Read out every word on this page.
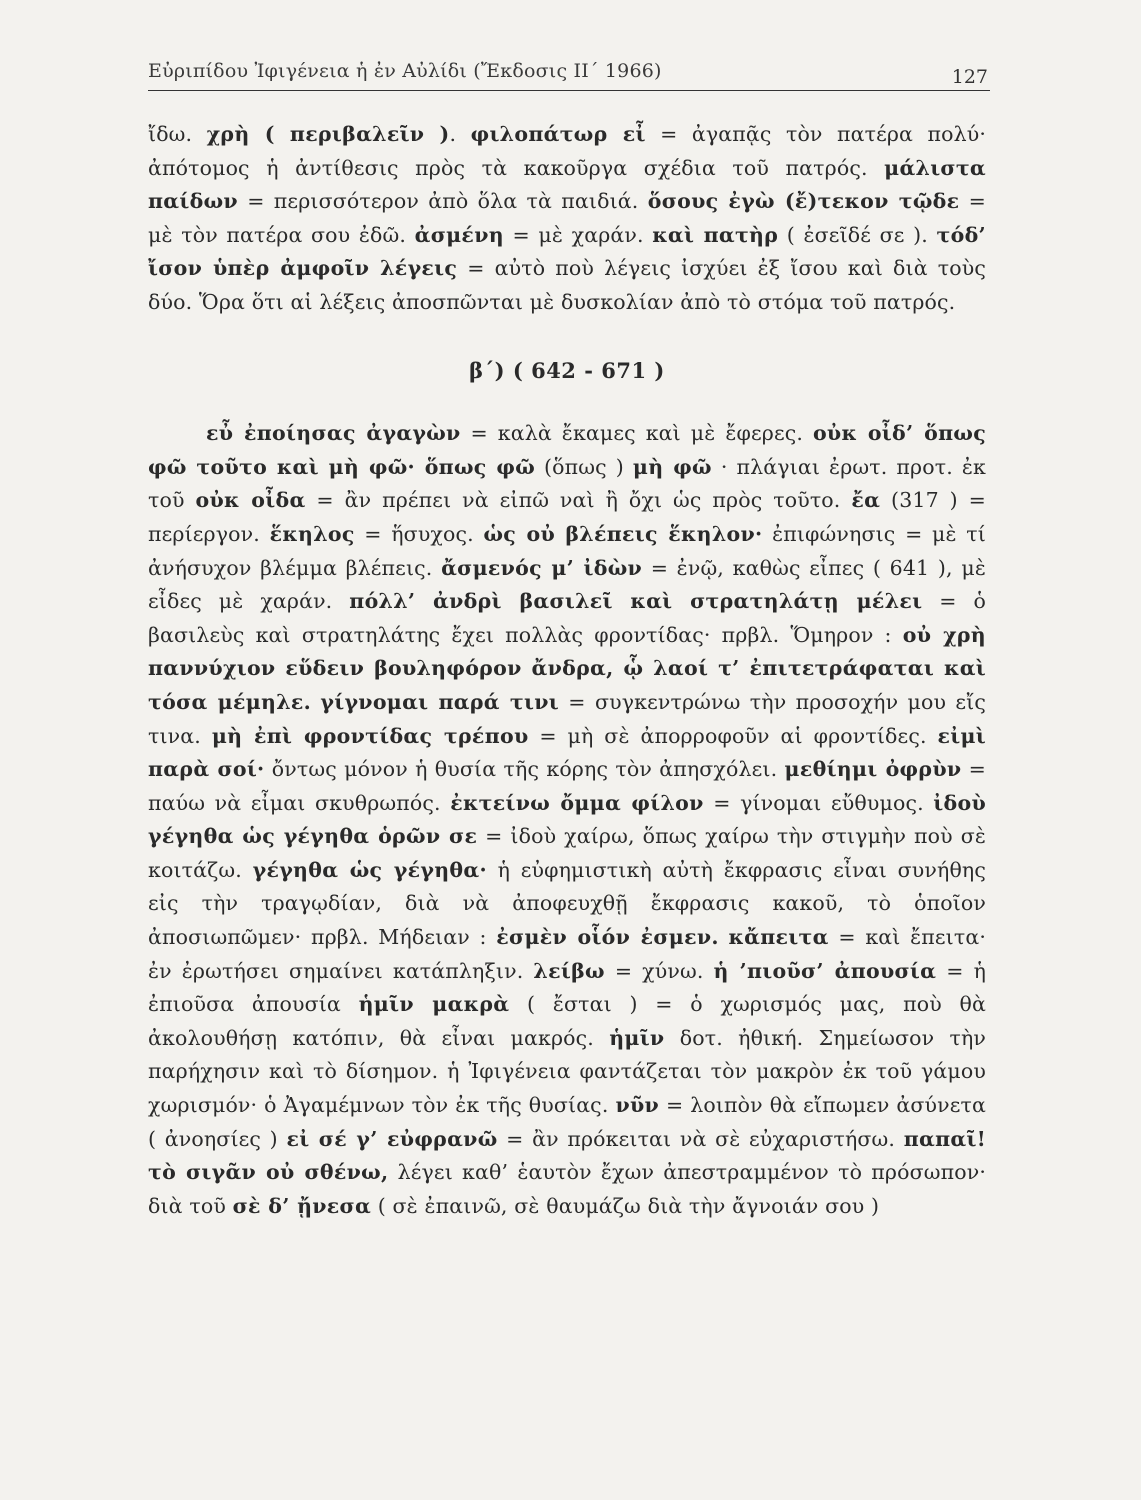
Εὐριπίδου Ἰφιγένεια ἡ ἐν Αὐλίδι (Ἔκδοσις ΙΙ΄ 1966)	127

ἴδω. χρὴ ( περιβαλεῖν ). φιλοπάτωρ εἶ = ἀγαπᾷς τὸν πατέρα πολύ· ἀπότομος ἡ ἀντίθεσις πρὸς τὰ κακοῦργα σχέδια τοῦ πατρός. μάλιστα παίδων = περισσότερον ἀπὸ ὅλα τὰ παιδιά. ὅσους ἐγὼ (ἔ)τεκον τῷδε = μὲ τὸν πατέρα σου ἐδῶ. ἀσμένη = μὲ χαράν. καὶ πατὴρ ( ἐσεῖδέ σε ). τόδ’ ἴσον ὑπὲρ ἀμφοῖν λέγεις = αὐτὸ ποὺ λέγεις ἰσχύει ἐξ ἴσου καὶ διὰ τοὺς δύο. Ὅρα ὅτι αἱ λέξεις ἀποσπῶνται μὲ δυσκολίαν ἀπὸ τὸ στόμα τοῦ πατρός.

β΄) ( 642 - 671 )

εὖ ἐποίησας ἀγαγὼν = καλὰ ἔκαμες καὶ μὲ ἔφερες. οὐκ οἶδ’ ὅπως φῶ τοῦτο καὶ μὴ φῶ· ὅπως φῶ (ὅπως ) μὴ φῶ · πλάγιαι ἐρωτ. προτ. ἐκ τοῦ οὐκ οἶδα = ἂν πρέπει νὰ εἰπῶ ναὶ ἢ ὄχι ὡς πρὸς τοῦτο. ἔα (317 ) = περίεργον. ἕκηλος = ἥσυχος. ὡς οὐ βλέπεις ἕκηλον· ἐπιφώνησις = μὲ τί ἀνήσυχον βλέμμα βλέπεις. ἄσμενός μ’ ἰδὼν = ἐνῷ, καθὼς εἶπες ( 641 ), μὲ εἶδες μὲ χαράν. πόλλ’ ἀνδρὶ βασιλεῖ καὶ στρατηλάτῃ μέλει = ὁ βασιλεὺς καὶ στρατηλάτης ἔχει πολλὰς φροντίδας· πρβλ. Ὅμηρον : οὐ χρὴ παννύχιον εὕδειν βουληφόρον ἄνδρα, ᾧ λαοί τ’ ἐπιτετράφαται καὶ τόσα μέμηλε. γίγνομαι παρά τινι = συγκεντρώνω τὴν προσοχήν μου εἴς τινα. μὴ ἐπὶ φροντίδας τρέπου = μὴ σὲ ἀπορροφοῦν αἱ φροντίδες. εἰμὶ παρὰ σοί· ὄντως μόνον ἡ θυσία τῆς κόρης τὸν ἀπησχόλει. μεθίημι ὀφρὺν = παύω νὰ εἶμαι σκυθρωπός. ἐκτείνω ὄμμα φίλον = γίνομαι εὔθυμος. ἰδοὺ γέγηθα ὡς γέγηθα ὁρῶν σε = ἰδοὺ χαίρω, ὅπως χαίρω τὴν στιγμὴν ποὺ σὲ κοιτάζω. γέγηθα ὡς γέγηθα· ἡ εὐφημιστικὴ αὐτὴ ἔκφρασις εἶναι συνήθης εἰς τὴν τραγῳδίαν, διὰ νὰ ἀποφευχθῇ ἔκφρασις κακοῦ, τὸ ὁποῖον ἀποσιωπῶμεν· πρβλ. Μήδειαν : ἐσμὲν οἷόν ἐσμεν. κἄπειτα = καὶ ἔπειτα· ἐν ἐρωτήσει σημαίνει κατάπληξιν. λείβω = χύνω. ἡ ’πιοῦσ’ ἀπουσία = ἡ ἐπιοῦσα ἀπουσία ἡμῖν μακρὰ ( ἔσται ) = ὁ χωρισμός μας, ποὺ θὰ ἀκολουθήσῃ κατόπιν, θὰ εἶναι μακρός. ἡμῖν δοτ. ἠθική. Σημείωσον τὴν παρήχησιν καὶ τὸ δίσημον. ἡ Ἰφιγένεια φαντάζεται τὸν μακρὸν ἐκ τοῦ γάμου χωρισμόν· ὁ Ἀγαμέμνων τὸν ἐκ τῆς θυσίας. νῦν = λοιπὸν θὰ εἴπωμεν ἀσύνετα ( ἀνοησίες ) εἰ σέ γ’ εὐφρανῶ = ἂν πρόκειται νὰ σὲ εὐχαριστήσω. παπαῖ! τὸ σιγᾶν οὐ σθένω, λέγει καθ’ ἑαυτὸν ἔχων ἀπεστραμμένον τὸ πρόσωπον· διὰ τοῦ σὲ δ’ ᾔνεσα ( σὲ ἐπαινῶ, σὲ θαυμάζω διὰ τὴν ἄγνοιάν σου )
